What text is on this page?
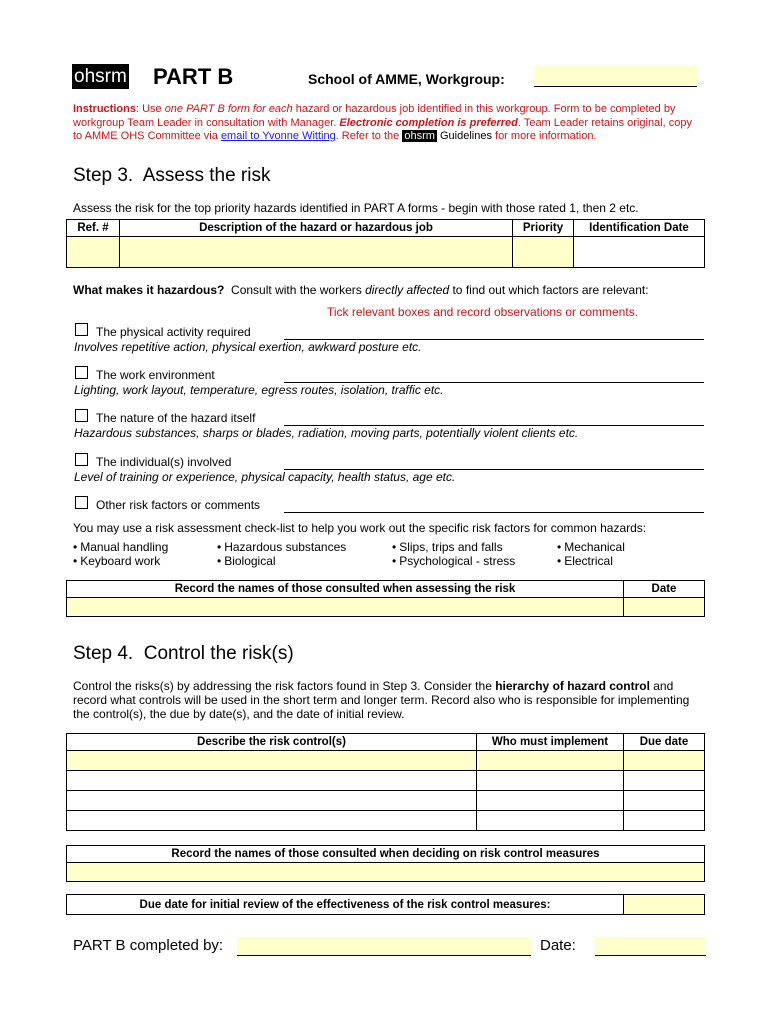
ohsrm PART B	School of AMME, Workgroup:
Instructions: Use one PART B form for each hazard or hazardous job identified in this workgroup. Form to be completed by workgroup Team Leader in consultation with Manager. Electronic completion is preferred. Team Leader retains original, copy to AMME OHS Committee via email to Yvonne Witting. Refer to the ohsrm Guidelines for more information.
Step 3.  Assess the risk
Assess the risk for the top priority hazards identified in PART A forms - begin with those rated 1, then 2 etc.
Ref. #	Description of the hazard or hazardous job	Priority	Identification Date

What makes it hazardous?  Consult with the workers directly affected to find out which factors are relevant:
Tick relevant boxes and record observations or comments.
The physical activity required
Involves repetitive action, physical exertion, awkward posture etc.
The work environment
Lighting, work layout, temperature, egress routes, isolation, traffic etc.
The nature of the hazard itself
Hazardous substances, sharps or blades, radiation, moving parts, potentially violent clients etc.
The individual(s) involved
Level of training or experience, physical capacity, health status, age etc.
Other risk factors or comments
You may use a risk assessment check-list to help you work out the specific risk factors for common hazards:
• Manual handling
• Keyboard work
• Hazardous substances
• Biological
• Slips, trips and falls
• Psychological - stress
• Mechanical
• Electrical
Record the names of those consulted when assessing the risk	Date

Step 4.  Control the risk(s)
Control the risks(s) by addressing the risk factors found in Step 3. Consider the hierarchy of hazard control and record what controls will be used in the short term and longer term. Record also who is responsible for implementing the control(s), the due by date(s), and the date of initial review.
Describe the risk control(s)	Who must implement	Due date

Record the names of those consulted when deciding on risk control measures

Due date for initial review of the effectiveness of the risk control measures:	
PART B completed by:	Date:
